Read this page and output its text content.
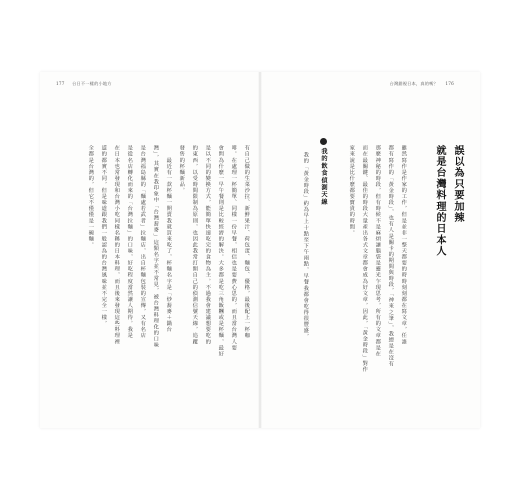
177 台日不一樣的小地方	台灣錯視日本，真的嗎？ 176
誤以為只要加辣
就是台灣料理的日本人
雖然寫作是作家的工作，但是並非一整天都要的時時刻刻都在寫文章，任誰
都有寫作的「黃金時段」，也有人是關卡的期間與時段，「神來之筆」，我總是在沒有
那麼神秘的時段，但有時候不是麻煩讓腦袋是靈光乍現思考，所有的文章都是在
而在最關鍵、最佳的時段大量產出各式文章都會成為好文章，因此，「黃金時段」對作
家來說是比什麼都要寶貴的時間。
我的飲食偵測天線
我的「黃金時段」約為早上十點至下午兩點，早餐我都會吃得很豐盛，
有自己做的生菜沙拉、新鮮果汁、荷包蛋、麵包、優格，最後配上一杯咖
啡。在處理一杯簡單、同樣一份早餐，相信也是要費心思的，而且當台灣人要
會問為什麼一早午餐則是比較經濟的解決。大多都是吃三角飯糰或是杯麵，最好
是以不同的變換方式，能簡單快速吃完的食物為主。不過我會建議想要吃的
的東西，以受時間限制為原則，也因此我常打開自己的偵測信號天線，追蹤
發售的杯麵新品。
　　最近有一款杯麵一開賣我就買來吃了，杯麵名字是「炒蕎麥＋鍋台
灣」，其實在我印象中「台灣蕎麥」這類名字並不常見，被台灣料理化的口味
是台灣福島縣的「麵處若武者」拉麵店，出自杯麵包裝的宣傳，又有名店
是從名店轉化而來的「台灣拉麵」的口味，好吃程度當然讓人期待。我是
在日本也常發現和台灣小吃同樣名稱的日本料理，而且後來發現這些料理裡
道的都實不同，但是味道跟我們一般認為的台灣風味並不完全一樣，
全都是台灣的，但它不僅僅是一碗麵。
